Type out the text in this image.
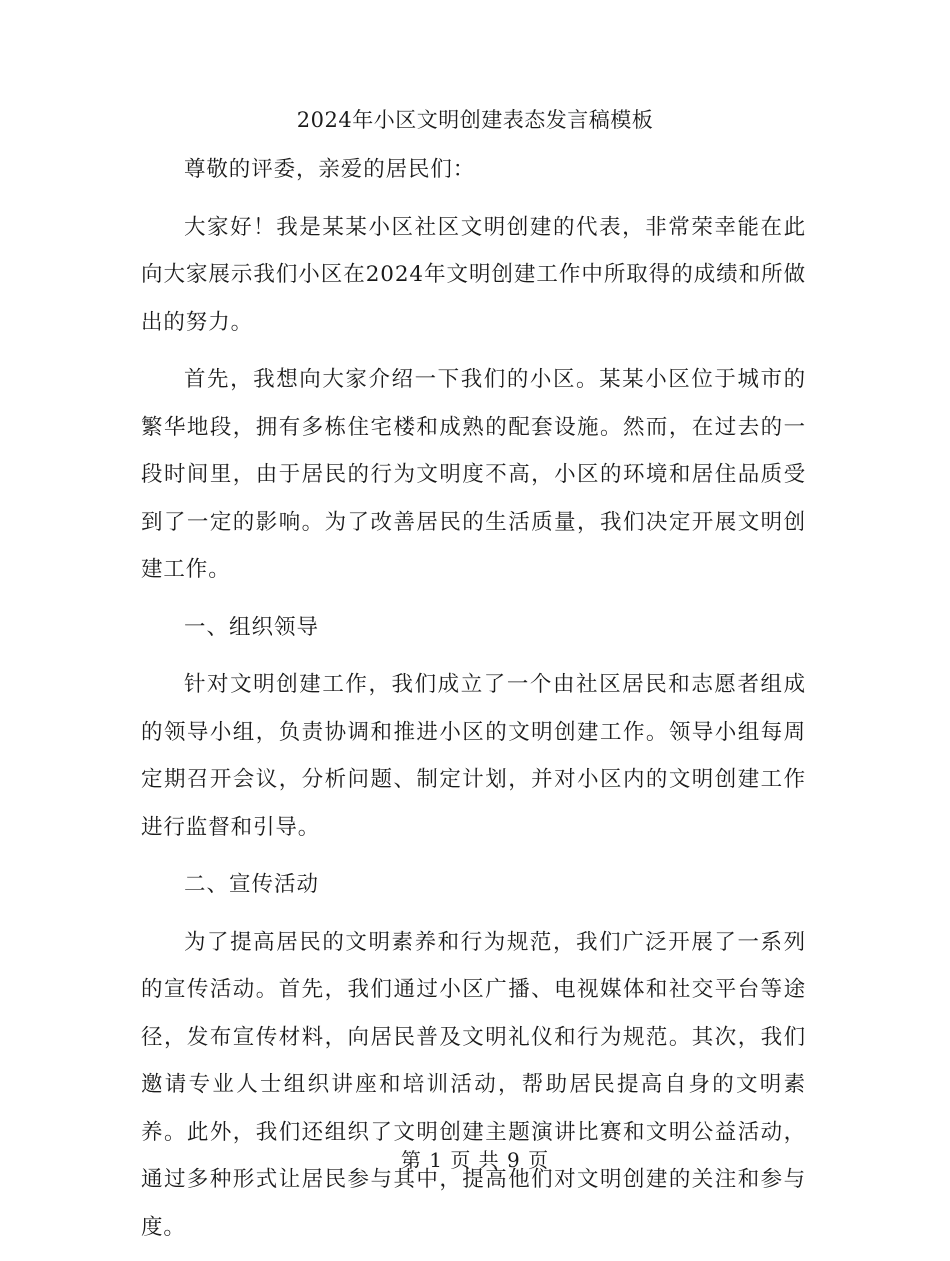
2024年小区文明创建表态发言稿模板

尊敬的评委，亲爱的居民们：

大家好！我是某某小区社区文明创建的代表，非常荣幸能在此向大家展示我们小区在2024年文明创建工作中所取得的成绩和所做出的努力。

首先，我想向大家介绍一下我们的小区。某某小区位于城市的繁华地段，拥有多栋住宅楼和成熟的配套设施。然而，在过去的一段时间里，由于居民的行为文明度不高，小区的环境和居住品质受到了一定的影响。为了改善居民的生活质量，我们决定开展文明创建工作。

一、组织领导

针对文明创建工作，我们成立了一个由社区居民和志愿者组成的领导小组，负责协调和推进小区的文明创建工作。领导小组每周定期召开会议，分析问题、制定计划，并对小区内的文明创建工作进行监督和引导。

二、宣传活动

为了提高居民的文明素养和行为规范，我们广泛开展了一系列的宣传活动。首先，我们通过小区广播、电视媒体和社交平台等途径，发布宣传材料，向居民普及文明礼仪和行为规范。其次，我们邀请专业人士组织讲座和培训活动，帮助居民提高自身的文明素养。此外，我们还组织了文明创建主题演讲比赛和文明公益活动，通过多种形式让居民参与其中，提高他们对文明创建的关注和参与度。

第 1 页 共 9 页
